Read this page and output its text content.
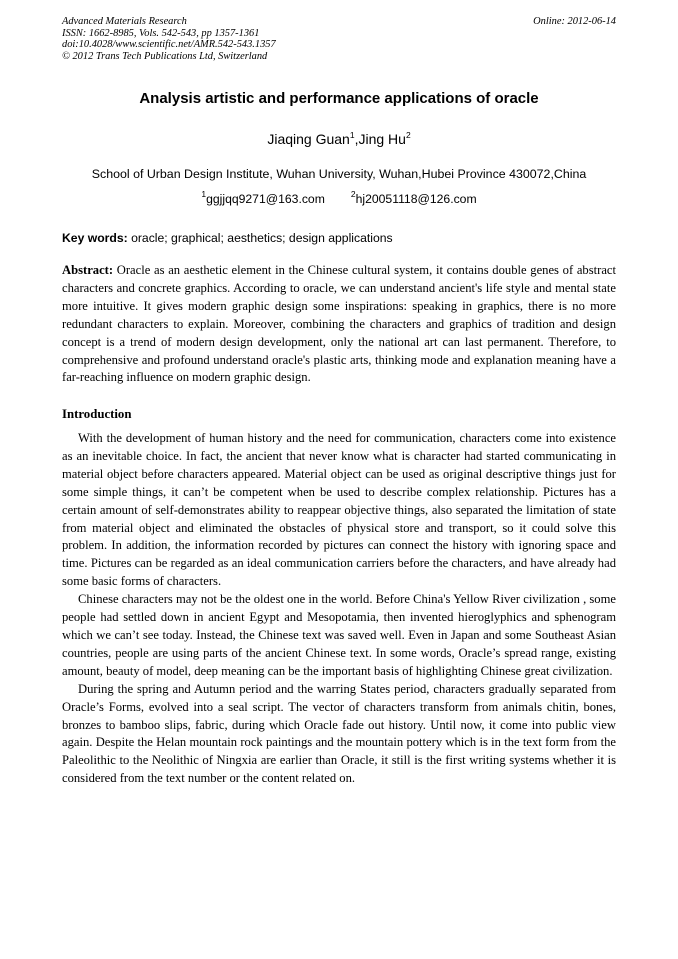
Advanced Materials Research
ISSN: 1662-8985, Vols. 542-543, pp 1357-1361
doi:10.4028/www.scientific.net/AMR.542-543.1357
© 2012 Trans Tech Publications Ltd, Switzerland
Online: 2012-06-14
Analysis artistic and performance applications of oracle
Jiaqing Guan$^1$,Jing Hu$^2$
School of Urban Design Institute, Wuhan University, Wuhan,Hubei Province 430072,China
$^1$ggjjqq9271@163.com	$^2$hj20051118@126.com
Key words: oracle; graphical; aesthetics; design applications
Abstract: Oracle as an aesthetic element in the Chinese cultural system, it contains double genes of abstract characters and concrete graphics. According to oracle, we can understand ancient's life style and mental state more intuitive. It gives modern graphic design some inspirations: speaking in graphics, there is no more redundant characters to explain. Moreover, combining the characters and graphics of tradition and design concept is a trend of modern design development, only the national art can last permanent. Therefore, to comprehensive and profound understand oracle's plastic arts, thinking mode and explanation meaning have a far-reaching influence on modern graphic design.
Introduction

With the development of human history and the need for communication, characters come into existence as an inevitable choice. In fact, the ancient that never know what is character had started communicating in material object before characters appeared. Material object can be used as original descriptive things just for some simple things, it can’t be competent when be used to describe complex relationship. Pictures has a certain amount of self-demonstrates ability to reappear objective things, also separated the limitation of state from material object and eliminated the obstacles of physical store and transport, so it could solve this problem. In addition, the information recorded by pictures can connect the history with ignoring space and time. Pictures can be regarded as an ideal communication carriers before the characters, and have already had some basic forms of characters.

Chinese characters may not be the oldest one in the world. Before China's Yellow River civilization , some people had settled down in ancient Egypt and Mesopotamia, then invented hieroglyphics and sphenogram which we can’t see today. Instead, the Chinese text was saved well. Even in Japan and some Southeast Asian countries, people are using parts of the ancient Chinese text. In some words, Oracle’s spread range, existing amount, beauty of model, deep meaning can be the important basis of highlighting Chinese great civilization.

During the spring and Autumn period and the warring States period, characters gradually separated from Oracle’s Forms, evolved into a seal script. The vector of characters transform from animals chitin, bones, bronzes to bamboo slips, fabric, during which Oracle fade out history. Until now, it come into public view again. Despite the Helan mountain rock paintings and the mountain pottery which is in the text form from the Paleolithic to the Neolithic of Ningxia are earlier than Oracle, it still is the first writing systems whether it is considered from the text number or the content related on.
